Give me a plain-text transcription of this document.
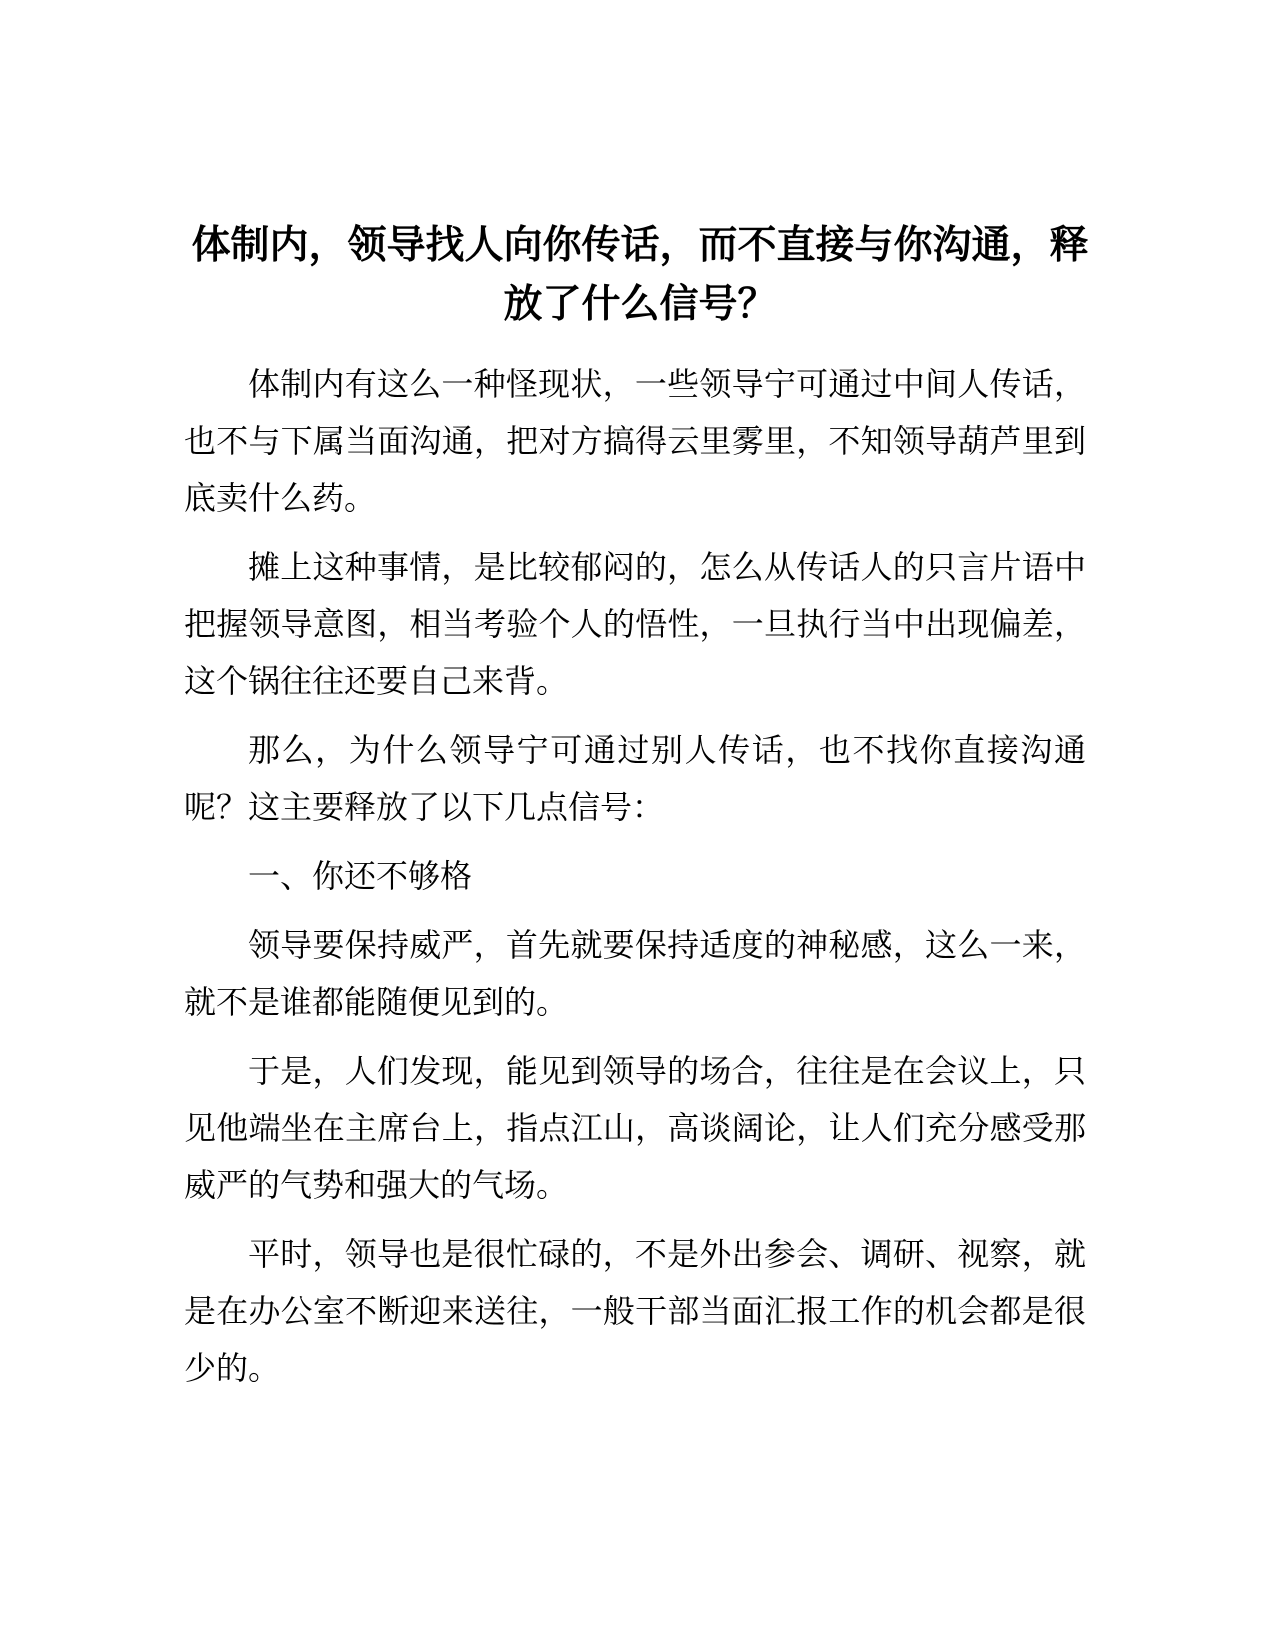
体制内，领导找人向你传话，而不直接与你沟通，释放了什么信号？

体制内有这么一种怪现状，一些领导宁可通过中间人传话，也不与下属当面沟通，把对方搞得云里雾里，不知领导葫芦里到底卖什么药。

摊上这种事情，是比较郁闷的，怎么从传话人的只言片语中把握领导意图，相当考验个人的悟性，一旦执行当中出现偏差，这个锅往往还要自己来背。

那么，为什么领导宁可通过别人传话，也不找你直接沟通呢？这主要释放了以下几点信号：

一、你还不够格

领导要保持威严，首先就要保持适度的神秘感，这么一来，就不是谁都能随便见到的。

于是，人们发现，能见到领导的场合，往往是在会议上，只见他端坐在主席台上，指点江山，高谈阔论，让人们充分感受那威严的气势和强大的气场。

平时，领导也是很忙碌的，不是外出参会、调研、视察，就是在办公室不断迎来送往，一般干部当面汇报工作的机会都是很少的。
